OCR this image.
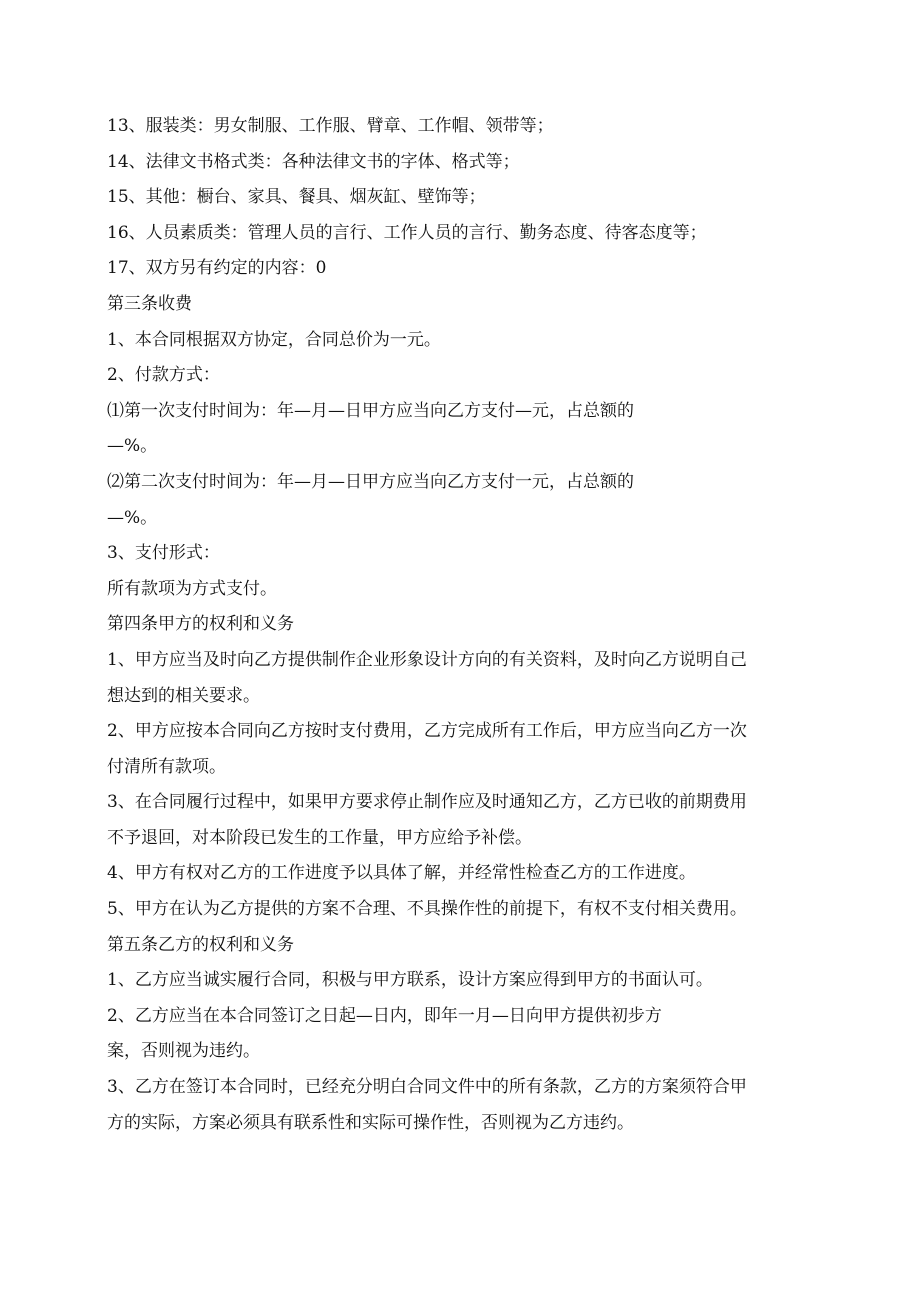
13、服装类：男女制服、工作服、臂章、工作帽、领带等；
14、法律文书格式类：各种法律文书的字体、格式等；
15、其他：橱台、家具、餐具、烟灰缸、壁饰等；
16、人员素质类：管理人员的言行、工作人员的言行、勤务态度、待客态度等；
17、双方另有约定的内容：0
第三条收费
1、本合同根据双方协定，合同总价为一元。
2、付款方式：
⑴第一次支付时间为：年—月—日甲方应当向乙方支付—元，占总额的
—%。
⑵第二次支付时间为：年—月—日甲方应当向乙方支付一元，占总额的
—%。
3、支付形式：
所有款项为方式支付。
第四条甲方的权利和义务
1、甲方应当及时向乙方提供制作企业形象设计方向的有关资料，及时向乙方说明自己
想达到的相关要求。
2、甲方应按本合同向乙方按时支付费用，乙方完成所有工作后，甲方应当向乙方一次
付清所有款项。
3、在合同履行过程中，如果甲方要求停止制作应及时通知乙方，乙方已收的前期费用
不予退回，对本阶段已发生的工作量，甲方应给予补偿。
4、甲方有权对乙方的工作进度予以具体了解，并经常性检查乙方的工作进度。
5、甲方在认为乙方提供的方案不合理、不具操作性的前提下，有权不支付相关费用。
第五条乙方的权利和义务
1、乙方应当诚实履行合同，积极与甲方联系，设计方案应得到甲方的书面认可。
2、乙方应当在本合同签订之日起—日内，即年一月—日向甲方提供初步方
案，否则视为违约。
3、乙方在签订本合同时，已经充分明白合同文件中的所有条款，乙方的方案须符合甲
方的实际，方案必须具有联系性和实际可操作性，否则视为乙方违约。
